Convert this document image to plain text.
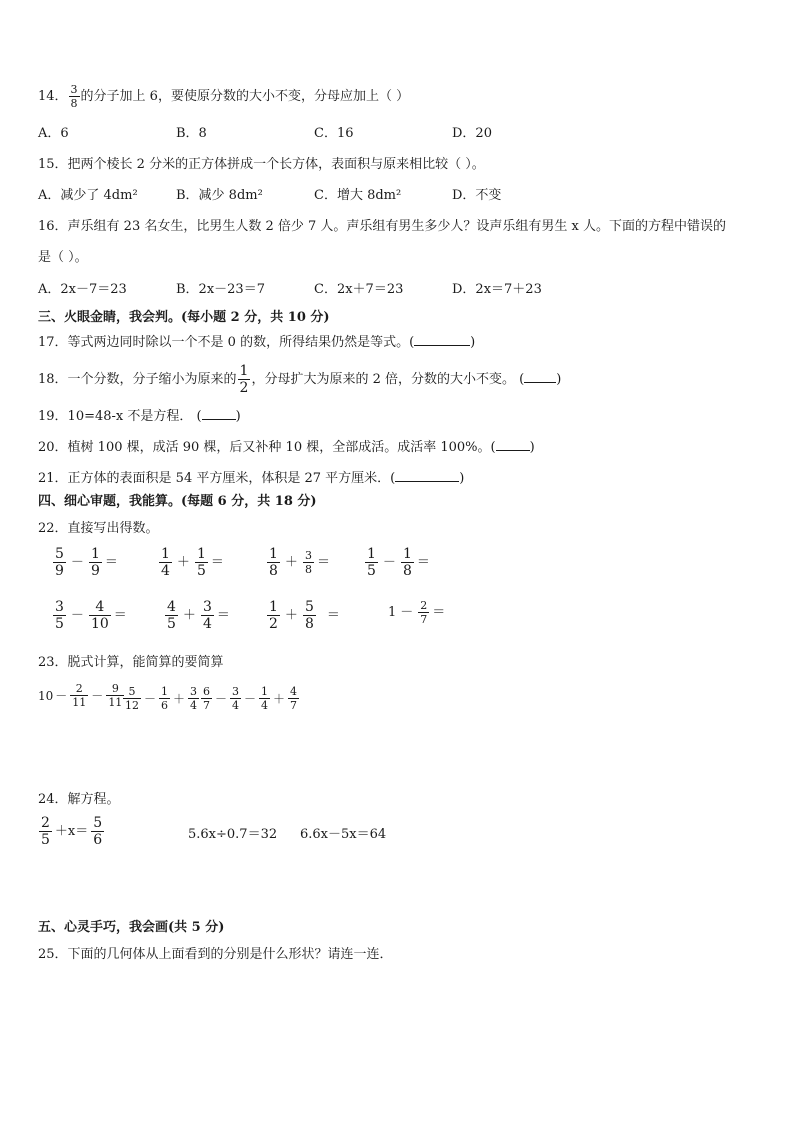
14． $\frac{3}{8}$ 的分子加上 6，要使原分数的大小不变，分母应加上（ ）
A．6	B．8	C．16	D．20
15．把两个棱长 2 分米的正方体拼成一个长方体，表面积与原来相比较（ ）。
A．减少了 4dm²	B．减少 8dm²	C．增大 8dm²	D．不变
16．声乐组有 23 名女生，比男生人数 2 倍少 7 人。声乐组有男生多少人？设声乐组有男生 x 人。下面的方程中错误的
是（ ）。
A．2x－7＝23	B．2x－23＝7	C．2x＋7＝23	D．2x＝7＋23
三、火眼金睛，我会判。(每小题 2 分，共 10 分)
17．等式两边同时除以一个不是 0 的数，所得结果仍然是等式。(	)
18．一个分数，分子缩小为原来的 $\frac{1}{2}$ ，分母扩大为原来的 2 倍，分数的大小不变。 ( )
19．10=48-x 不是方程． (	)
20．植树 100 棵，成活 90 棵，后又补种 10 棵，全部成活。成活率 100%。(	)
21．正方体的表面积是 54 平方厘米，体积是 27 平方厘米．(	)
四、细心审题，我能算。(每题 6 分，共 18 分)
22．直接写出得数。
$\frac{5}{9} - \frac{1}{9}$ ＝	$\frac{1}{4} + \frac{1}{5}$ ＝	$\frac{1}{8} + \frac{3}{8}$ ＝	$\frac{1}{5} - \frac{1}{8}$ ＝
$\frac{3}{5} - \frac{4}{10}$ ＝	$\frac{4}{5} + \frac{3}{4}$ ＝	$\frac{1}{2} + \frac{5}{8}$ ＝	$1 - \frac{2}{7}$ ＝
23．脱式计算，能简算的要简算
$10 - \frac{2}{11} - \frac{9}{11}$
$\frac{5}{12} - \frac{1}{6} + \frac{3}{4} \frac{6}{7} - \frac{3}{4} - \frac{1}{4} + \frac{4}{7}$
24．解方程。
$\frac{2}{5} +x= \frac{5}{6}$	5.6x÷0.7＝32 6.6x－5x＝64
五、心灵手巧，我会画(共 5 分)
25．下面的几何体从上面看到的分别是什么形状？请连一连．
